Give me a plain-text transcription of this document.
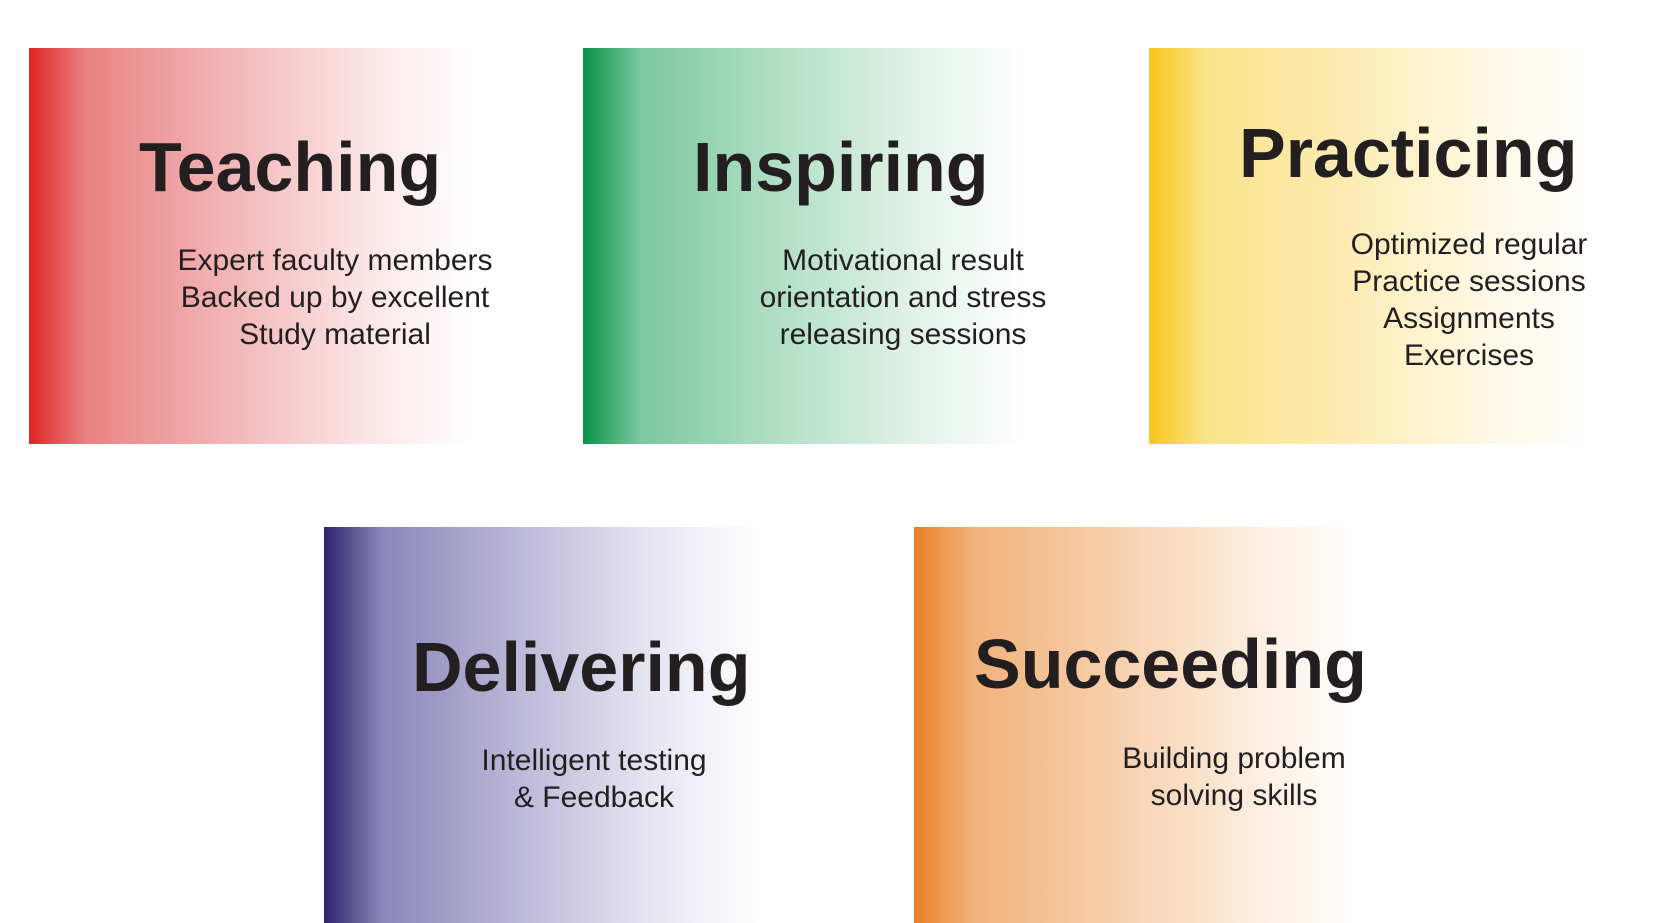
Teaching
Expert faculty members
Backed up by excellent
Study material
Inspiring
Motivational result
orientation and stress
releasing sessions
Practicing
Optimized regular
Practice sessions
Assignments
Exercises
Delivering
Intelligent testing
& Feedback
Succeeding
Building problem
solving skills
